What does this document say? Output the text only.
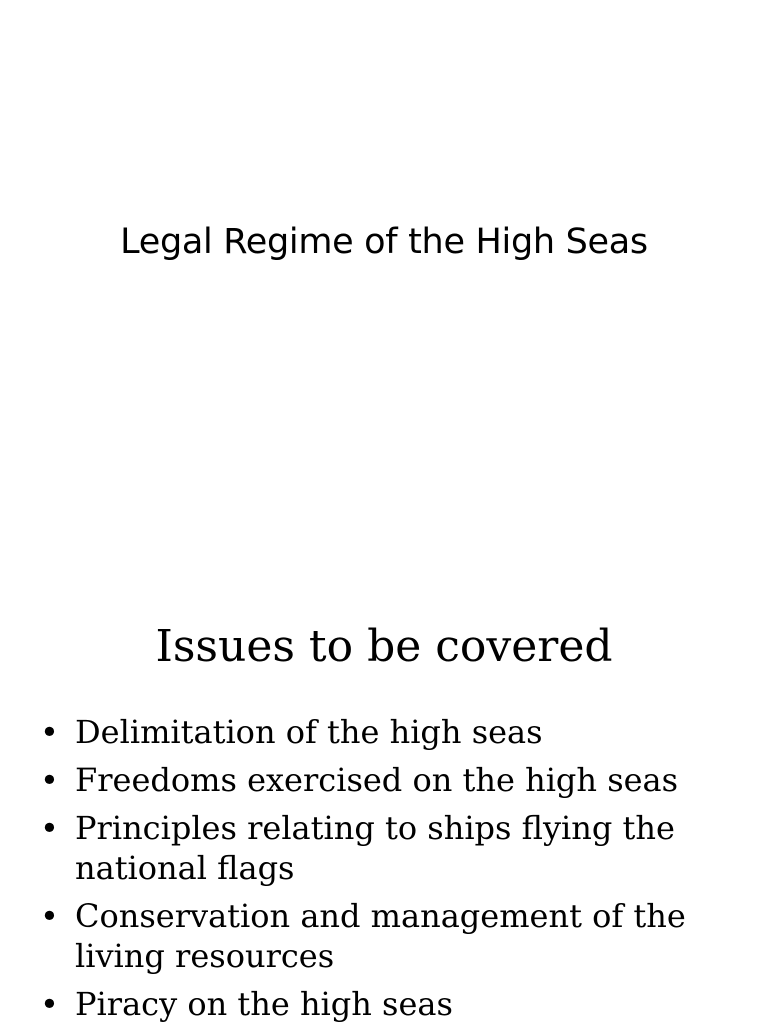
Legal Regime of the High Seas
Issues to be covered
• Delimitation of the high seas
• Freedoms exercised on the high seas
• Principles relating to ships flying the
national flags
• Conservation and management of the
living resources
• Piracy on the high seas
